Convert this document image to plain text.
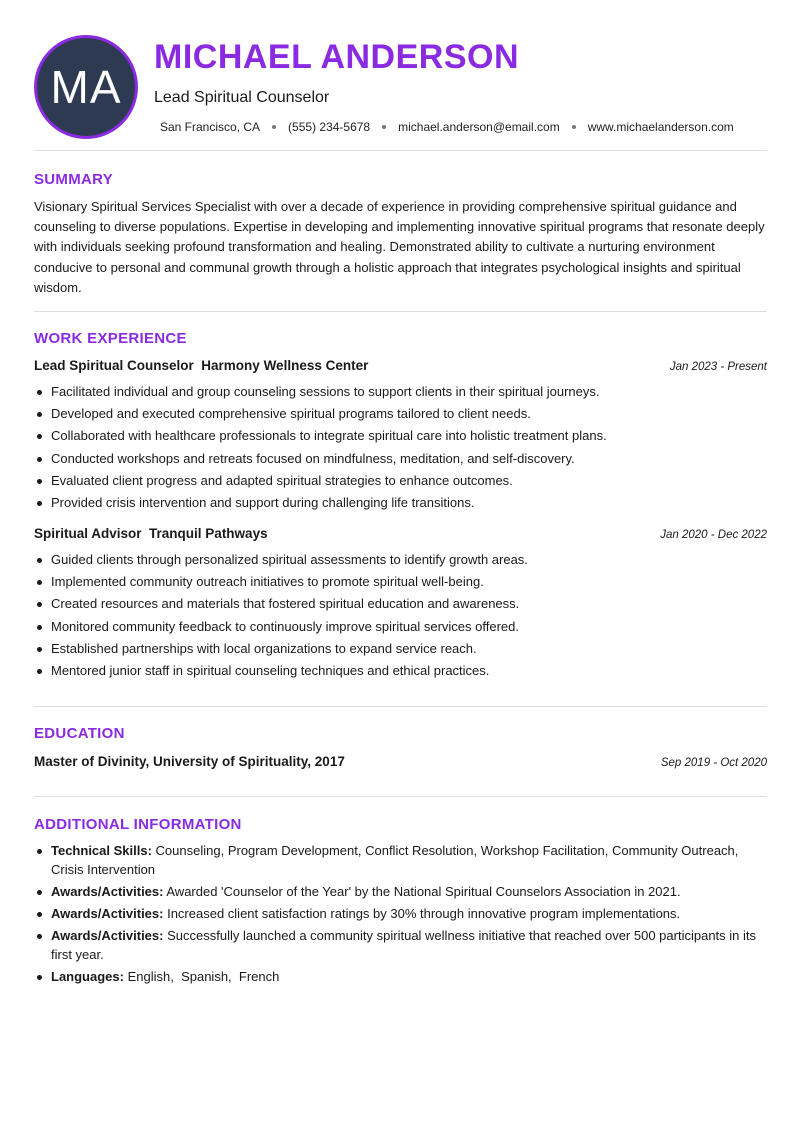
MA
MICHAEL ANDERSON
Lead Spiritual Counselor
San Francisco, CA (555) 234-5678 michael.anderson@email.com www.michaelanderson.com
SUMMARY

Visionary Spiritual Services Specialist with over a decade of experience in providing comprehensive spiritual guidance and counseling to diverse populations. Expertise in developing and implementing innovative spiritual programs that resonate deeply with individuals seeking profound transformation and healing. Demonstrated ability to cultivate a nurturing environment conducive to personal and communal growth through a holistic approach that integrates psychological insights and spiritual wisdom.

WORK EXPERIENCE
Lead Spiritual Counselor Harmony Wellness Center	Jan 2023 - Present
Facilitated individual and group counseling sessions to support clients in their spiritual journeys.
Developed and executed comprehensive spiritual programs tailored to client needs.
Collaborated with healthcare professionals to integrate spiritual care into holistic treatment plans.
Conducted workshops and retreats focused on mindfulness, meditation, and self-discovery.
Evaluated client progress and adapted spiritual strategies to enhance outcomes.
Provided crisis intervention and support during challenging life transitions.
Spiritual Advisor Tranquil Pathways	Jan 2020 - Dec 2022
Guided clients through personalized spiritual assessments to identify growth areas.
Implemented community outreach initiatives to promote spiritual well-being.
Created resources and materials that fostered spiritual education and awareness.
Monitored community feedback to continuously improve spiritual services offered.
Established partnerships with local organizations to expand service reach.
Mentored junior staff in spiritual counseling techniques and ethical practices.
EDUCATION
Master of Divinity, University of Spirituality, 2017	Sep 2019 - Oct 2020
ADDITIONAL INFORMATION
Technical Skills: Counseling, Program Development, Conflict Resolution, Workshop Facilitation, Community Outreach, Crisis Intervention
Awards/Activities: Awarded 'Counselor of the Year' by the National Spiritual Counselors Association in 2021.
Awards/Activities: Increased client satisfaction ratings by 30% through innovative program implementations.
Awards/Activities: Successfully launched a community spiritual wellness initiative that reached over 500 participants in its first year.
Languages: English,  Spanish,  French
